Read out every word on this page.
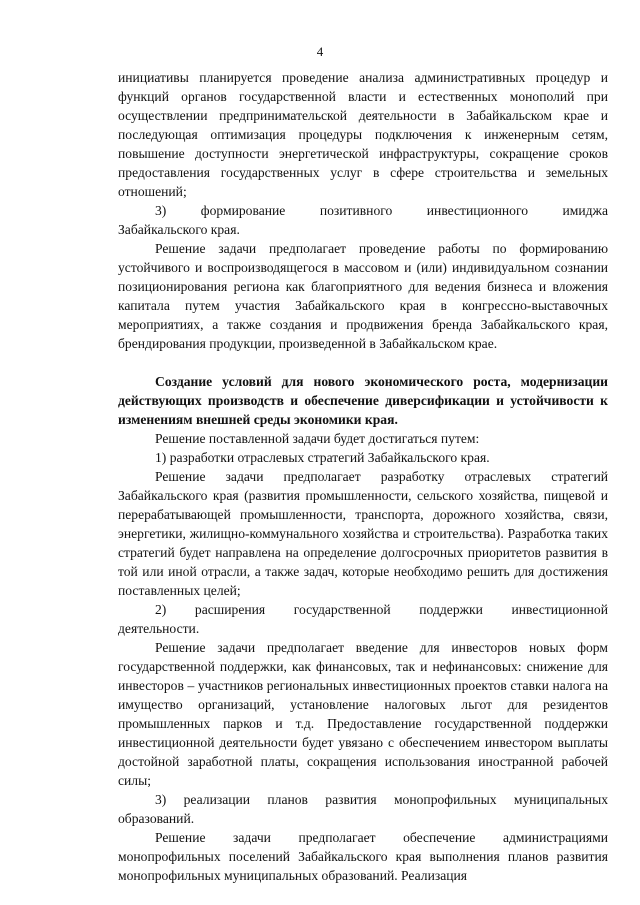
4

инициативы планируется проведение анализа административных процедур и функций органов государственной власти и естественных монополий при осуществлении предпринимательской деятельности в Забайкальском крае и последующая оптимизация процедуры подключения к инженерным сетям, повышение доступности энергетической инфраструктуры, сокращение сроков предоставления государственных услуг в сфере строительства и земельных отношений;

3)       формирование       позитивного       инвестиционного       имиджа
Забайкальского края.

Решение задачи предполагает проведение работы по формированию устойчивого и воспроизводящегося в массовом и (или) индивидуальном сознании позиционирования региона как благоприятного для ведения бизнеса и вложения капитала путем участия Забайкальского края в конгрессно-выставочных мероприятиях, а также создания и продвижения бренда Забайкальского края, брендирования продукции, произведенной в Забайкальском крае.

Создание условий для нового экономического роста, модернизации действующих производств и обеспечение диверсификации и устойчивости к изменениям внешней среды экономики края.

Решение поставленной задачи будет достигаться путем:

1) разработки отраслевых стратегий Забайкальского края.

Решение задачи предполагает разработку отраслевых стратегий Забайкальского края (развития промышленности, сельского хозяйства, пищевой и перерабатывающей промышленности, транспорта, дорожного хозяйства, связи, энергетики, жилищно-коммунального хозяйства и строительства). Разработка таких стратегий будет направлена на определение долгосрочных приоритетов развития в той или иной отрасли, а также задач, которые необходимо решить для достижения поставленных целей;

2) расширения государственной поддержки инвестиционной
деятельности.

Решение задачи предполагает введение для инвесторов новых форм государственной поддержки, как финансовых, так и нефинансовых: снижение для инвесторов – участников региональных инвестиционных проектов ставки налога на имущество организаций, установление налоговых льгот для резидентов промышленных парков и т.д. Предоставление государственной поддержки инвестиционной деятельности будет увязано с обеспечением инвестором выплаты достойной заработной платы, сокращения использования иностранной рабочей силы;

3) реализации планов развития монопрофильных муниципальных
образований.

Решение задачи предполагает обеспечение администрациями монопрофильных поселений Забайкальского края выполнения планов развития монопрофильных муниципальных образований. Реализация
